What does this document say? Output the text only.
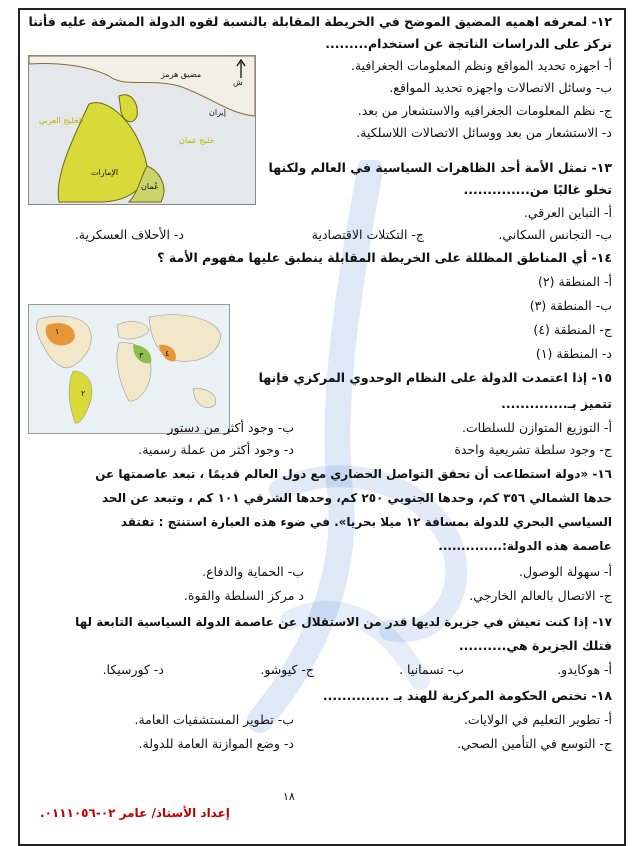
١٢- لمعرفه اهميه المضيق الموضح في الخريطة المقابلة بالنسبة لقوه الدولة المشرفة عليه فأننا
نركز على الدراسات الناتجة عن استخدام.........
أ- اجهزه تحديد المواقع ونظم المعلومات الجغرافية.
ب- وسائل الاتصالات واجهزه تحديد المواقع.
ج- نظم المعلومات الجغرافيه والاستشعار من بعد.
د- الاستشعار من بعد ووسائل الاتصالات اللاسلكية.
ش
مضيق هرمز
إيران
الخليج العربي
خليج عمان
الإمارات
عُمان
١٣- تمثل الأمة أحد الظاهرات السياسية في العالم ولكنها
تخلو غالبًا من..............
أ- التباين العرقي.
ب- التجانس السكاني.
ج- التكتلات الاقتصادية
د- الأحلاف العسكرية.
١٤- أي المناطق المظللة على الخريطة المقابلة ينطبق عليها مفهوم الأمة ؟
أ- المنطقة (٢)
ب- المنطقة (٣)
ج- المنطقة (٤)
د- المنطقة (١)
١
٢
٣	٤
١٥- إذا اعتمدت الدولة على النظام الوحدوي المركزي فإنها
تتميز بـ..............
أ- التوزيع المتوازن للسلطات.
ب- وجود أكثر من دستور
ج- وجود سلطة تشريعية واحدة
د- وجود أكثر من عملة رسمية.
١٦- «دولة استطاعت أن تحقق التواصل الحضاري مع دول العالم قديمًا ، تبعد عاصمتها عن
حدها الشمالي ٣٥٦ كم، وحدها الجنوبي ٢٥٠ كم، وحدها الشرقي ١٠١ كم ، وتبعد عن الحد
السياسي البحري للدولة بمسافة ١٢ ميلا بحريا». في ضوء هذه العبارة استنتج : تفتقد
عاصمة هذه الدولة:..............
أ- سهولة الوصول.
ب- الحماية والدفاع.
ج- الاتصال بالعالم الخارجي.
د مركز السلطة والقوة.
١٧- إذا كنت تعيش في جزيرة لديها قدر من الاستقلال عن عاصمة الدولة السياسية التابعة لها
فتلك الجزيرة هي..........
أ- هوكايدو.
ب- تسمانيا .
ج- كيوشو.
د- كورسيكا.
١٨- تختص الحكومة المركزية للهند بـ ..............
أ- تطوير التعليم في الولايات.
ب- تطوير المستشفيات العامة.
ج- التوسع في التأمين الصحي.
د- وضع الموازنة العامة للدولة.
١٨
إعداد الأستاذ/ عامر ٠٢-٠١١١٠٥٦.
